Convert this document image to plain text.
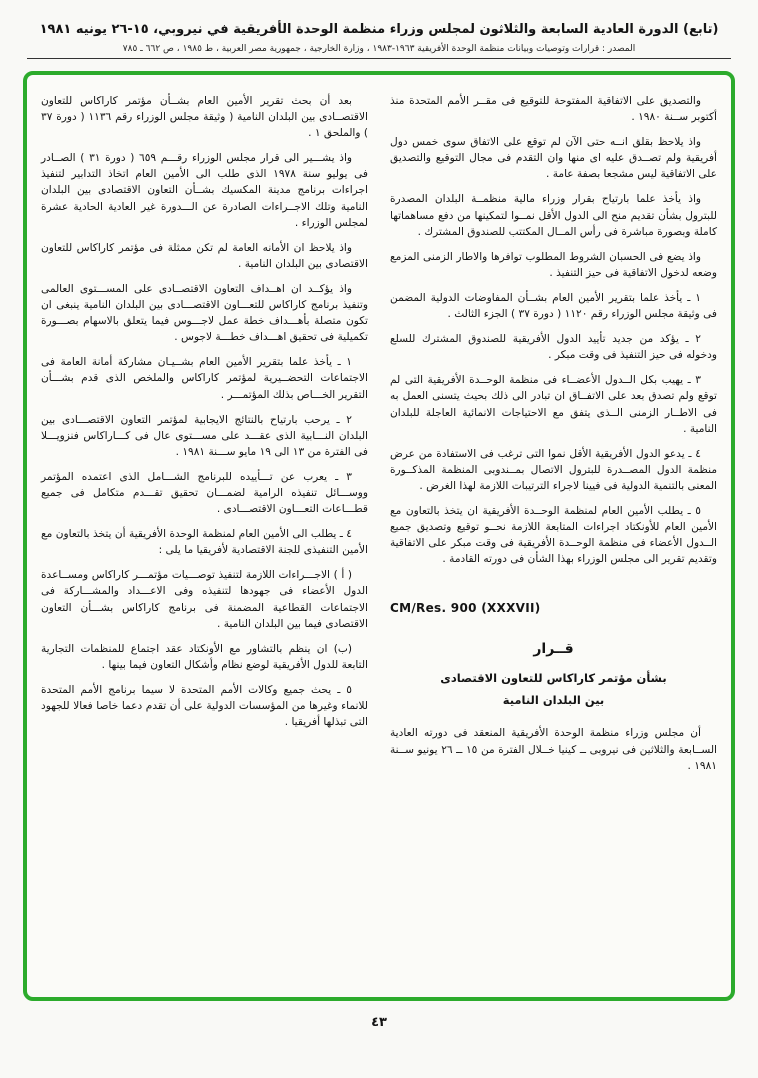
(تابع) الدورة العادية السابعة والثلاثون لمجلس وزراء منظمة الوحدة الأفريقية في نيروبي، ١٥-٢٦ يونيه ١٩٨١
المصدر : قرارات وتوصيات وبيانات منظمة الوحدة الأفريقية ١٩٦٣-١٩٨٣ ، وزارة الخارجية ، جمهورية مصر العربية ، ط ١٩٨٥ ، ص ٦٦٢ ـ ٧٨٥

والتصديق على الاتفاقية المفتوحة للتوقيع فى مقــر الأمم المتحدة منذ أكتوبر ســنة ١٩٨٠ .

واذ يلاحظ بقلق انــه حتى الآن لم توقع على الاتفاق سوى خمس دول أفريقية ولم تصــدق عليه اى منها وان التقدم فى مجال التوقيع والتصديق على الاتفاقية ليس مشجعا بصفة عامة .

واذ يأخذ علما بارتياح بقرار وزراء مالية منظمــة البلدان المصدرة للبترول بشأن تقديم منح الى الدول الأقل نمــوا لتمكينها من دفع مساهماتها كاملة وبصورة مباشرة فى رأس المــال المكتتب للصندوق المشترك .

واذ يضع فى الحسبان الشروط المطلوب توافرها والاطار الزمنى المزمع وضعه لدخول الاتفاقية فى حيز التنفيذ .

١ ـ يأخذ علما بتقرير الأمين العام بشــأن المفاوضات الدولية المضمن فى وثيقة مجلس الوزراء رقم ١١٢٠ ( دورة ٣٧ ) الجزء الثالث .

٢ ـ يؤكد من جديد تأييد الدول الأفريقية للصندوق المشترك للسلع ودخوله فى حيز التنفيذ فى وقت مبكر .

٣ ـ يهيب بكل الــدول الأعضــاء فى منظمة الوحــدة الأفريقية التى لم توقع ولم تصدق بعد على الاتفــاق ان تبادر الى ذلك بحيث يتسنى العمل به فى الاطــار الزمنى الــذى يتفق مع الاحتياجات الانمائية العاجلة للبلدان النامية .

٤ ـ يدعو الدول الأفريقية الأقل نموا التى ترغب فى الاستفادة من عرض منظمة الدول المصــدرة للبترول الاتصال بمــندوبى المنظمة المذكــورة المعنى بالتنمية الدولية فى فيينا لاجراء الترتيبات اللازمة لهذا الغرض .

٥ ـ يطلب الأمين العام لمنظمة الوحــدة الأفريقية ان يتخذ بالتعاون مع الأمين العام للأونكتاد اجراءات المتابعة اللازمة نحــو توقيع وتصديق جميع الــدول الأعضاء فى منظمة الوحــدة الأفريقية فى وقت مبكر على الاتفاقية وتقديم تقرير الى مجلس الوزراء بهذا الشأن فى دورته القادمة .

CM/Res. 900 (XXXVII)
قــرار
بشأن مؤتمر كاراكاس للتعاون الاقتصادى
بين البلدان النامية

أن مجلس وزراء منظمة الوحدة الأفريقية المنعقد فى دورته العادية الســابعة والثلاثين فى نيروبى ــ كينيا خــلال الفترة من ١٥ ــ ٢٦ يونيو ســنة ١٩٨١ .

بعد أن بحث تقرير الأمين العام بشــأن مؤتمر كاراكاس للتعاون الاقتصــادى بين البلدان النامية ( وثيقة مجلس الوزراء رقم ١١٣٦ ( دورة ٣٧ ) والملحق ١ .

واذ يشـــير الى قرار مجلس الوزراء رقـــم ٦٥٩ ( دورة ٣١ ) الصــادر فى يوليو سنة ١٩٧٨ الذى طلب الى الأمين العام اتخاذ التدابير لتنفيذ اجراءات برنامج مدينة المكسيك بشــأن التعاون الاقتصادى بين البلدان النامية وتلك الاجــراءات الصادرة عن الـــدورة غير العادية الحادية عشرة لمجلس الوزراء .

واذ يلاحظ ان الأمانه العامة لم تكن ممثلة فى مؤتمر كاراكاس للتعاون الاقتصادى بين البلدان النامية .

واذ يؤكــد ان اهــداف التعاون الاقتصــادى على المســـتوى العالمى وتنفيذ برنامج كاراكاس للتعـــاون الاقتصـــادى بين البلدان النامية ينبغى ان تكون متصلة بأهـــداف خطة عمل لاجـــوس فيما يتعلق بالاسهام بصـــورة تكميلية فى تحقيق اهـــداف خطـــة لاجوس .

١ ـ يأخذ علما بتقرير الأمين العام بشــيـان مشاركة أمانة العامة فى الاجتماعات التحضــيرية لمؤتمر كاراكاس والملخص الذى قدم بشـــأن التقرير الخـــاص بذلك المؤتمـــر .

٢ ـ يرحب بارتياح بالنتائج الايجابية لمؤتمر التعاون الاقتصـــادى بين البلدان النـــابية الذى عقـــد على مســـتوى عال فى كـــاراكاس فنزويـــلا فى الفترة من ١٣ الى ١٩ مايو ســـنة ١٩٨١ .

٣ ـ يعرب عن تـــأييده للبرنامج الشـــامل الذى اعتمده المؤتمر ووســـائل تنفيذه الرامية لضمـــان تحقيق تقـــدم متكامل فى جميع قطـــاعات التعـــاون الاقتصـــادى .

٤ ـ يطلب الى الأمين العام لمنظمة الوحدة الأفريقية أن يتخذ بالتعاون مع الأمين التنفيذى للجنة الاقتصادية لأفريقيا ما يلى :

( أ ) الاجـــراءات اللازمة لتنفيذ توصـــيات مؤتمـــر كاراكاس ومســاعدة الدول الأعضاء فى جهودها لتنفيذه وفى الاعـــداد والمشـــاركة فى الاجتماعات القطاعية المضمنة فى برنامج كاراكاس بشـــأن التعاون الاقتصادى فيما بين البلدان النامية .

(ب) ان ينظم بالتشاور مع الأونكتاد عقد اجتماع للمنظمات التجارية التابعة للدول الأفريقية لوضع نظام وأشكال التعاون فيما بينها .

٥ ـ يحث جميع وكالات الأمم المتحدة لا سيما برنامج الأمم المتحدة للانماء وغيرها من المؤسسات الدولية على أن تقدم دعما خاصا فعالا للجهود التى تبذلها أفريقيا .

٤٣
